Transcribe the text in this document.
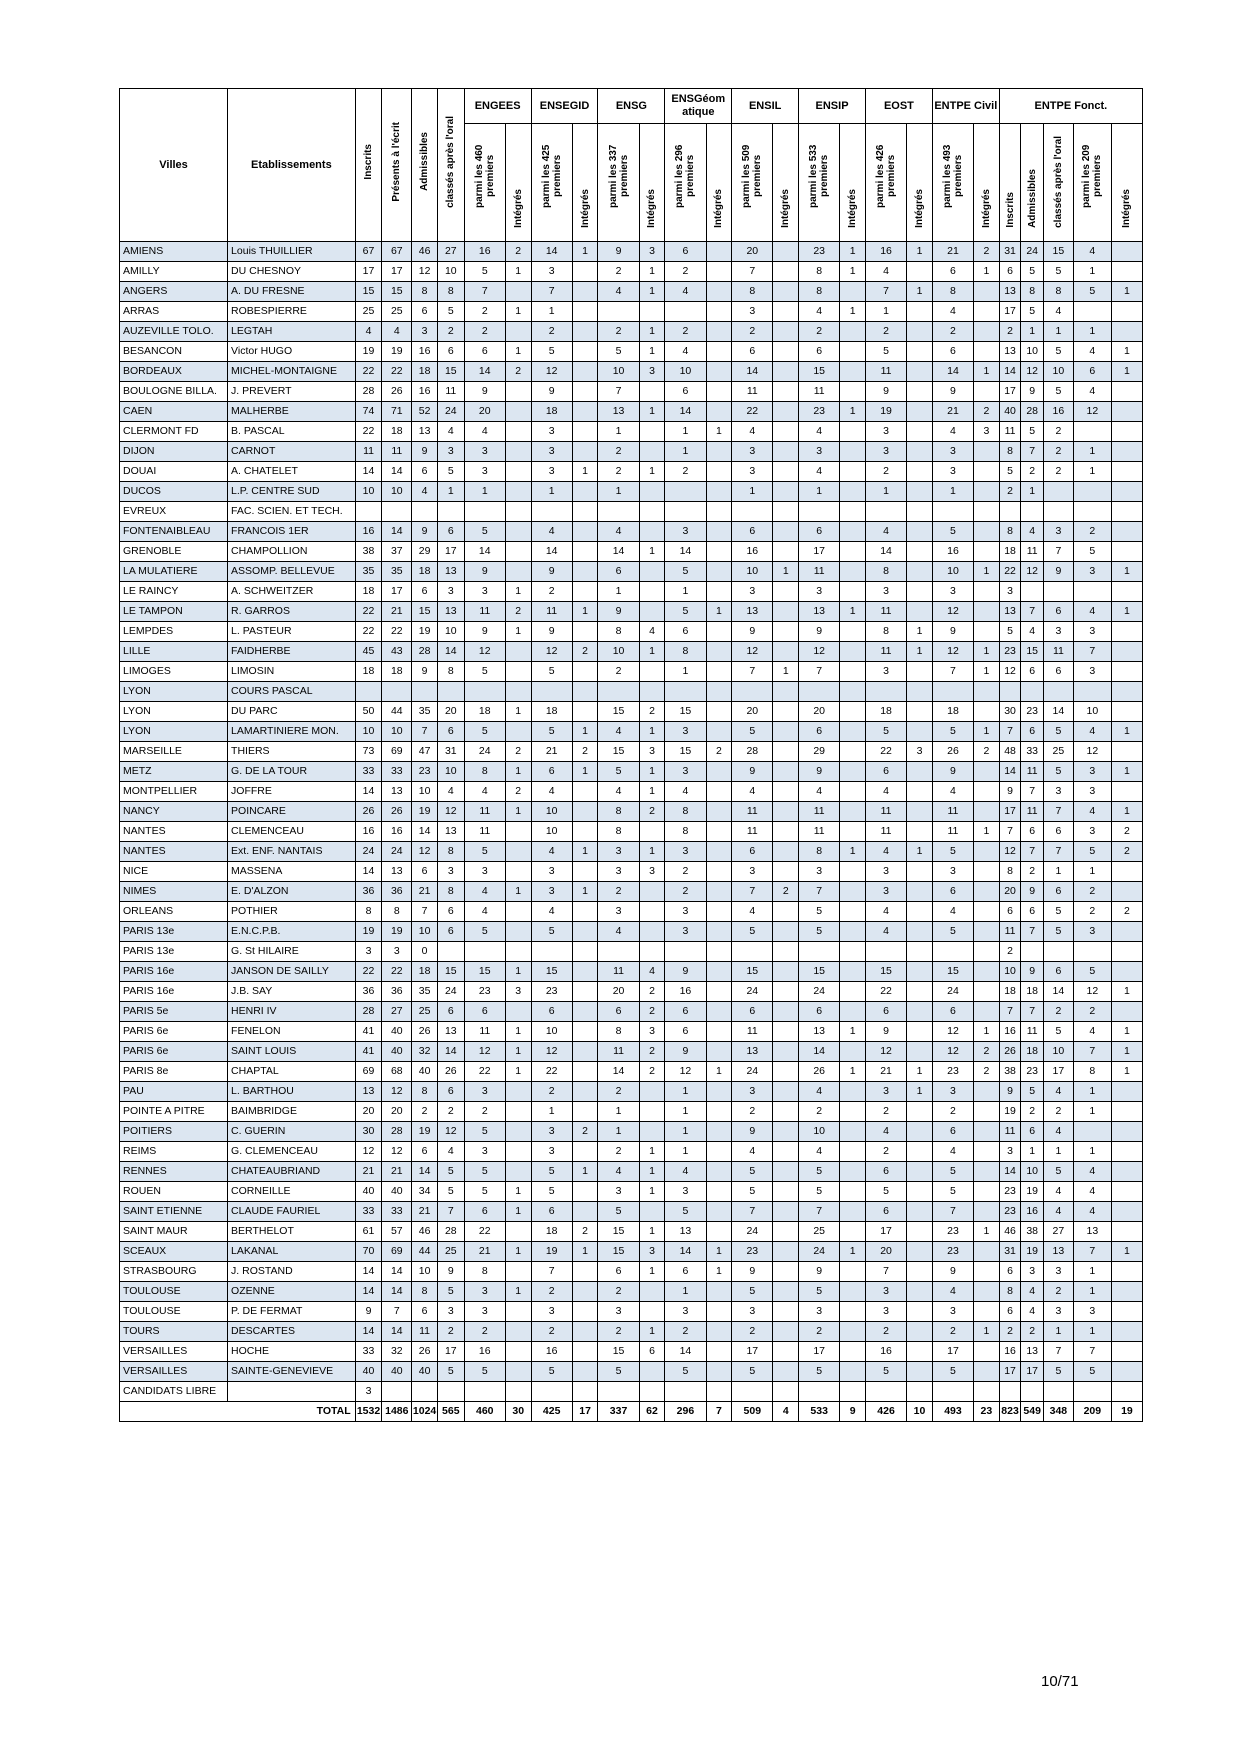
Villes	Etablissements	Inscrits	Présents à l'écrit	Admissibles	classés après l'oral	ENGEES		ENSEGID		ENSG		ENSGéom atique		ENSIL		ENSIP		EOST		ENTPE Civil		ENTPE Fonct.				
						parmi les 460 premiers	Intégrés	parmi les 425 premiers	Intégrés	parmi les 337 premiers	Intégrés	parmi les 296 premiers	Intégrés	parmi les 509 premiers	Intégrés	parmi les 533 premiers	Intégrés	parmi les 426 premiers	Intégrés	parmi les 493 premiers	Intégrés	Inscrits	Admissibles	classés après l'oral	parmi les 209 premiers	Intégrés
AMIENS	Louis THUILLIER	67	67	46	27	16	2	14	1	9	3	6		20		23	1	16	1	21	2	31	24	15	4	
AMILLY	DU CHESNOY	17	17	12	10	5	1	3		2	1	2		7		8	1	4		6	1	6	5	5	1	
ANGERS	A. DU FRESNE	15	15	8	8	7		7		4	1	4		8		8		7	1	8		13	8	8	5	1
ARRAS	ROBESPIERRE	25	25	6	5	2	1	1						3		4	1	1		4		17	5	4		
AUZEVILLE TOLO.	LEGTAH	4	4	3	2	2		2		2	1	2		2		2		2		2		2	1	1	1	
BESANCON	Victor HUGO	19	19	16	6	6	1	5		5	1	4		6		6		5		6		13	10	5	4	1
BORDEAUX	MICHEL-MONTAIGNE	22	22	18	15	14	2	12		10	3	10		14		15		11		14	1	14	12	10	6	1
BOULOGNE BILLA.	J. PREVERT	28	26	16	11	9		9		7		6		11		11		9		9		17	9	5	4	
CAEN	MALHERBE	74	71	52	24	20		18		13	1	14		22		23	1	19		21	2	40	28	16	12	
CLERMONT FD	B. PASCAL	22	18	13	4	4		3		1		1	1	4		4		3		4	3	11	5	2		
DIJON	CARNOT	11	11	9	3	3		3		2		1		3		3		3		3		8	7	2	1	
DOUAI	A. CHATELET	14	14	6	5	3		3	1	2	1	2		3		4		2		3		5	2	2	1	
DUCOS	L.P. CENTRE SUD	10	10	4	1	1		1		1				1		1		1		1		2	1			
EVREUX	FAC. SCIEN. ET TECH.																									
FONTENAIBLEAU	FRANCOIS 1ER	16	14	9	6	5		4		4		3		6		6		4		5		8	4	3	2	
GRENOBLE	CHAMPOLLION	38	37	29	17	14		14		14	1	14		16		17		14		16		18	11	7	5	
LA MULATIERE	ASSOMP. BELLEVUE	35	35	18	13	9		9		6		5		10	1	11		8		10	1	22	12	9	3	1
LE RAINCY	A. SCHWEITZER	18	17	6	3	3	1	2		1		1		3		3		3		3		3				
LE TAMPON	R. GARROS	22	21	15	13	11	2	11	1	9		5	1	13		13	1	11		12		13	7	6	4	1
LEMPDES	L. PASTEUR	22	22	19	10	9	1	9		8	4	6		9		9		8	1	9		5	4	3	3	
LILLE	FAIDHERBE	45	43	28	14	12		12	2	10	1	8		12		12		11	1	12	1	23	15	11	7	
LIMOGES	LIMOSIN	18	18	9	8	5		5		2		1		7	1	7		3		7	1	12	6	6	3	
LYON	COURS PASCAL																									
LYON	DU PARC	50	44	35	20	18	1	18		15	2	15		20		20		18		18		30	23	14	10	
LYON	LAMARTINIERE MON.	10	10	7	6	5		5	1	4	1	3		5		6		5		5	1	7	6	5	4	1
MARSEILLE	THIERS	73	69	47	31	24	2	21	2	15	3	15	2	28		29		22	3	26	2	48	33	25	12	
METZ	G. DE LA TOUR	33	33	23	10	8	1	6	1	5	1	3		9		9		6		9		14	11	5	3	1
MONTPELLIER	JOFFRE	14	13	10	4	4	2	4		4	1	4		4		4		4		4		9	7	3	3	
NANCY	POINCARE	26	26	19	12	11	1	10		8	2	8		11		11		11		11		17	11	7	4	1
NANTES	CLEMENCEAU	16	16	14	13	11		10		8		8		11		11		11		11	1	7	6	6	3	2
NANTES	Ext. ENF. NANTAIS	24	24	12	8	5		4	1	3	1	3		6		8	1	4	1	5		12	7	7	5	2
NICE	MASSENA	14	13	6	3	3		3		3	3	2		3		3		3		3		8	2	1	1	
NIMES	E. D'ALZON	36	36	21	8	4	1	3	1	2		2		7	2	7		3		6		20	9	6	2	
ORLEANS	POTHIER	8	8	7	6	4		4		3		3		4		5		4		4		6	6	5	2	2
PARIS 13e	E.N.C.P.B.	19	19	10	6	5		5		4		3		5		5		4		5		11	7	5	3	
PARIS 13e	G. St HILAIRE	3	3	0																		2				
PARIS 16e	JANSON DE SAILLY	22	22	18	15	15	1	15		11	4	9		15		15		15		15		10	9	6	5	
PARIS 16e	J.B. SAY	36	36	35	24	23	3	23		20	2	16		24		24		22		24		18	18	14	12	1
PARIS 5e	HENRI IV	28	27	25	6	6		6		6	2	6		6		6		6		6		7	7	2	2	
PARIS 6e	FENELON	41	40	26	13	11	1	10		8	3	6		11		13	1	9		12	1	16	11	5	4	1
PARIS 6e	SAINT LOUIS	41	40	32	14	12	1	12		11	2	9		13		14		12		12	2	26	18	10	7	1
PARIS 8e	CHAPTAL	69	68	40	26	22	1	22		14	2	12	1	24		26	1	21	1	23	2	38	23	17	8	1
PAU	L. BARTHOU	13	12	8	6	3		2		2		1		3		4		3	1	3		9	5	4	1	
POINTE A PITRE	BAIMBRIDGE	20	20	2	2	2		1		1		1		2		2		2		2		19	2	2	1	
POITIERS	C. GUERIN	30	28	19	12	5		3	2	1		1		9		10		4		6		11	6	4		
REIMS	G. CLEMENCEAU	12	12	6	4	3		3		2	1	1		4		4		2		4		3	1	1	1	
RENNES	CHATEAUBRIAND	21	21	14	5	5		5	1	4	1	4		5		5		6		5		14	10	5	4	
ROUEN	CORNEILLE	40	40	34	5	5	1	5		3	1	3		5		5		5		5		23	19	4	4	
SAINT ETIENNE	CLAUDE FAURIEL	33	33	21	7	6	1	6		5		5		7		7		6		7		23	16	4	4	
SAINT MAUR	BERTHELOT	61	57	46	28	22		18	2	15	1	13		24		25		17		23	1	46	38	27	13	
SCEAUX	LAKANAL	70	69	44	25	21	1	19	1	15	3	14	1	23		24	1	20		23		31	19	13	7	1
STRASBOURG	J. ROSTAND	14	14	10	9	8		7		6	1	6	1	9		9		7		9		6	3	3	1	
TOULOUSE	OZENNE	14	14	8	5	3	1	2		2		1		5		5		3		4		8	4	2	1	
TOULOUSE	P. DE FERMAT	9	7	6	3	3		3		3		3		3		3		3		3		6	4	3	3	
TOURS	DESCARTES	14	14	11	2	2		2		2	1	2		2		2		2		2	1	2	2	1	1	
VERSAILLES	HOCHE	33	32	26	17	16		16		15	6	14		17		17		16		17		16	13	7	7	
VERSAILLES	SAINTE-GENEVIEVE	40	40	40	5	5		5		5		5		5		5		5		5		17	17	5	5	
CANDIDATS LIBRE		3																								
	TOTAL	1532	1486	1024	565	460	30	425	17	337	62	296	7	509	4	533	9	426	10	493	23	823	549	348	209	19
10/71
